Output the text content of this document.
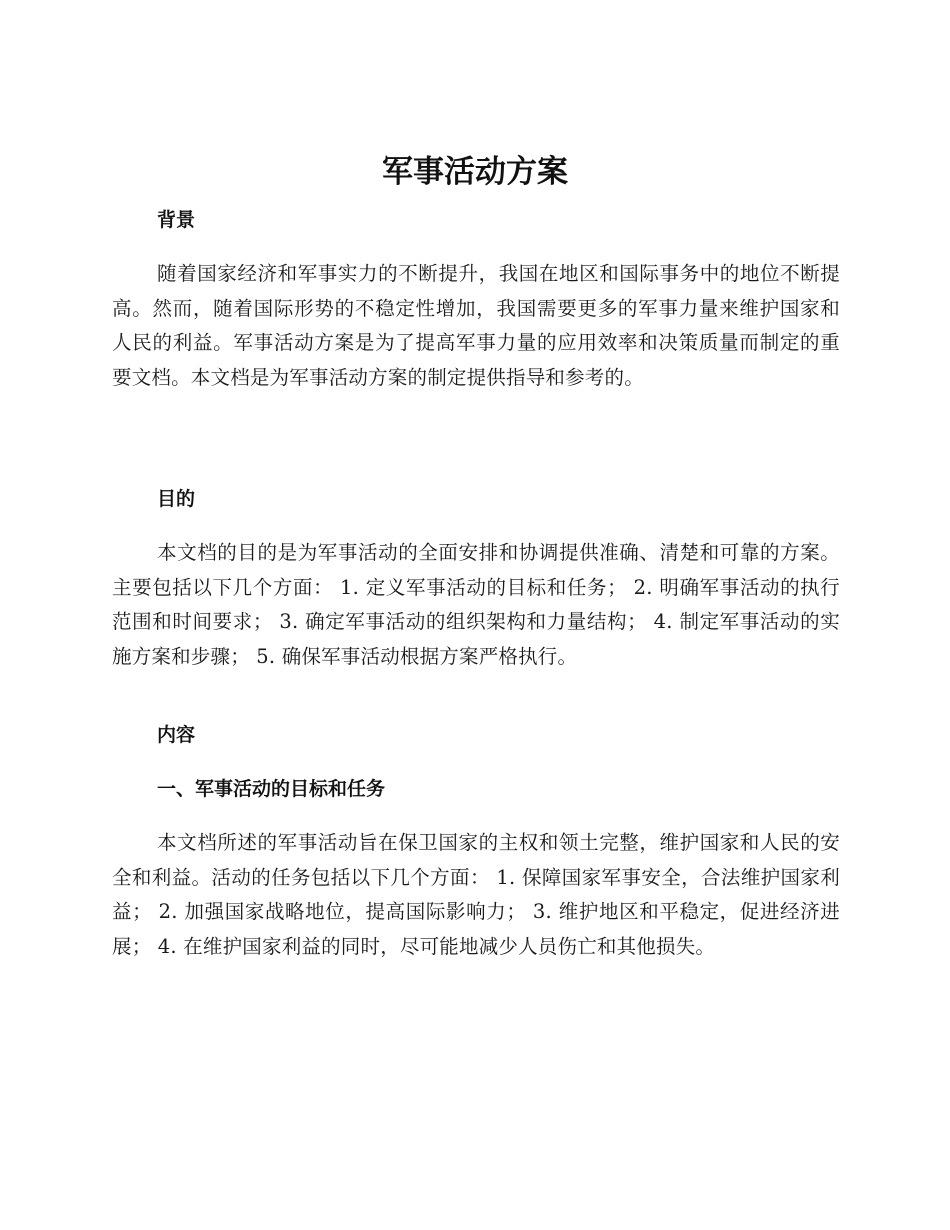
军事活动方案
背景

随着国家经济和军事实力的不断提升，我国在地区和国际事务中的地位不断提高。然而，随着国际形势的不稳定性增加，我国需要更多的军事力量来维护国家和人民的利益。军事活动方案是为了提高军事力量的应用效率和决策质量而制定的重要文档。本文档是为军事活动方案的制定提供指导和参考的。

目的

本文档的目的是为军事活动的全面安排和协调提供准确、清楚和可靠的方案。主要包括以下几个方面： 1. 定义军事活动的目标和任务； 2. 明确军事活动的执行范围和时间要求； 3. 确定军事活动的组织架构和力量结构； 4. 制定军事活动的实施方案和步骤； 5. 确保军事活动根据方案严格执行。

内容
一、军事活动的目标和任务

本文档所述的军事活动旨在保卫国家的主权和领土完整，维护国家和人民的安全和利益。活动的任务包括以下几个方面： 1. 保障国家军事安全，合法维护国家利益； 2. 加强国家战略地位，提高国际影响力； 3. 维护地区和平稳定，促进经济进展； 4. 在维护国家利益的同时，尽可能地减少人员伤亡和其他损失。
